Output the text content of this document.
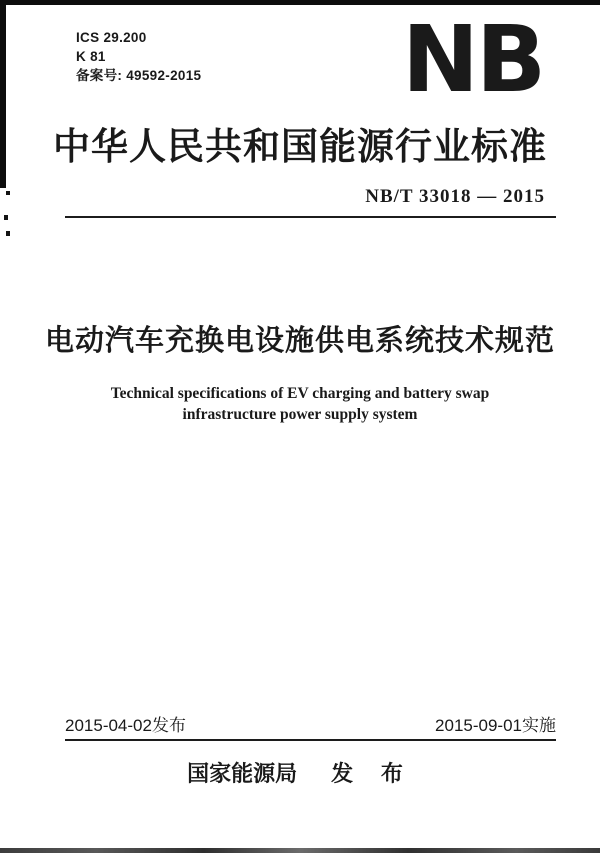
ICS 29.200
K 81
备案号: 49592-2015 NB
中华人民共和国能源行业标准
NB/T 33018 — 2015
电动汽车充换电设施供电系统技术规范
Technical specifications of EV charging and battery swap
infrastructure power supply system
2015-04-02发布	2015-09-01实施
国家能源局 发 布
